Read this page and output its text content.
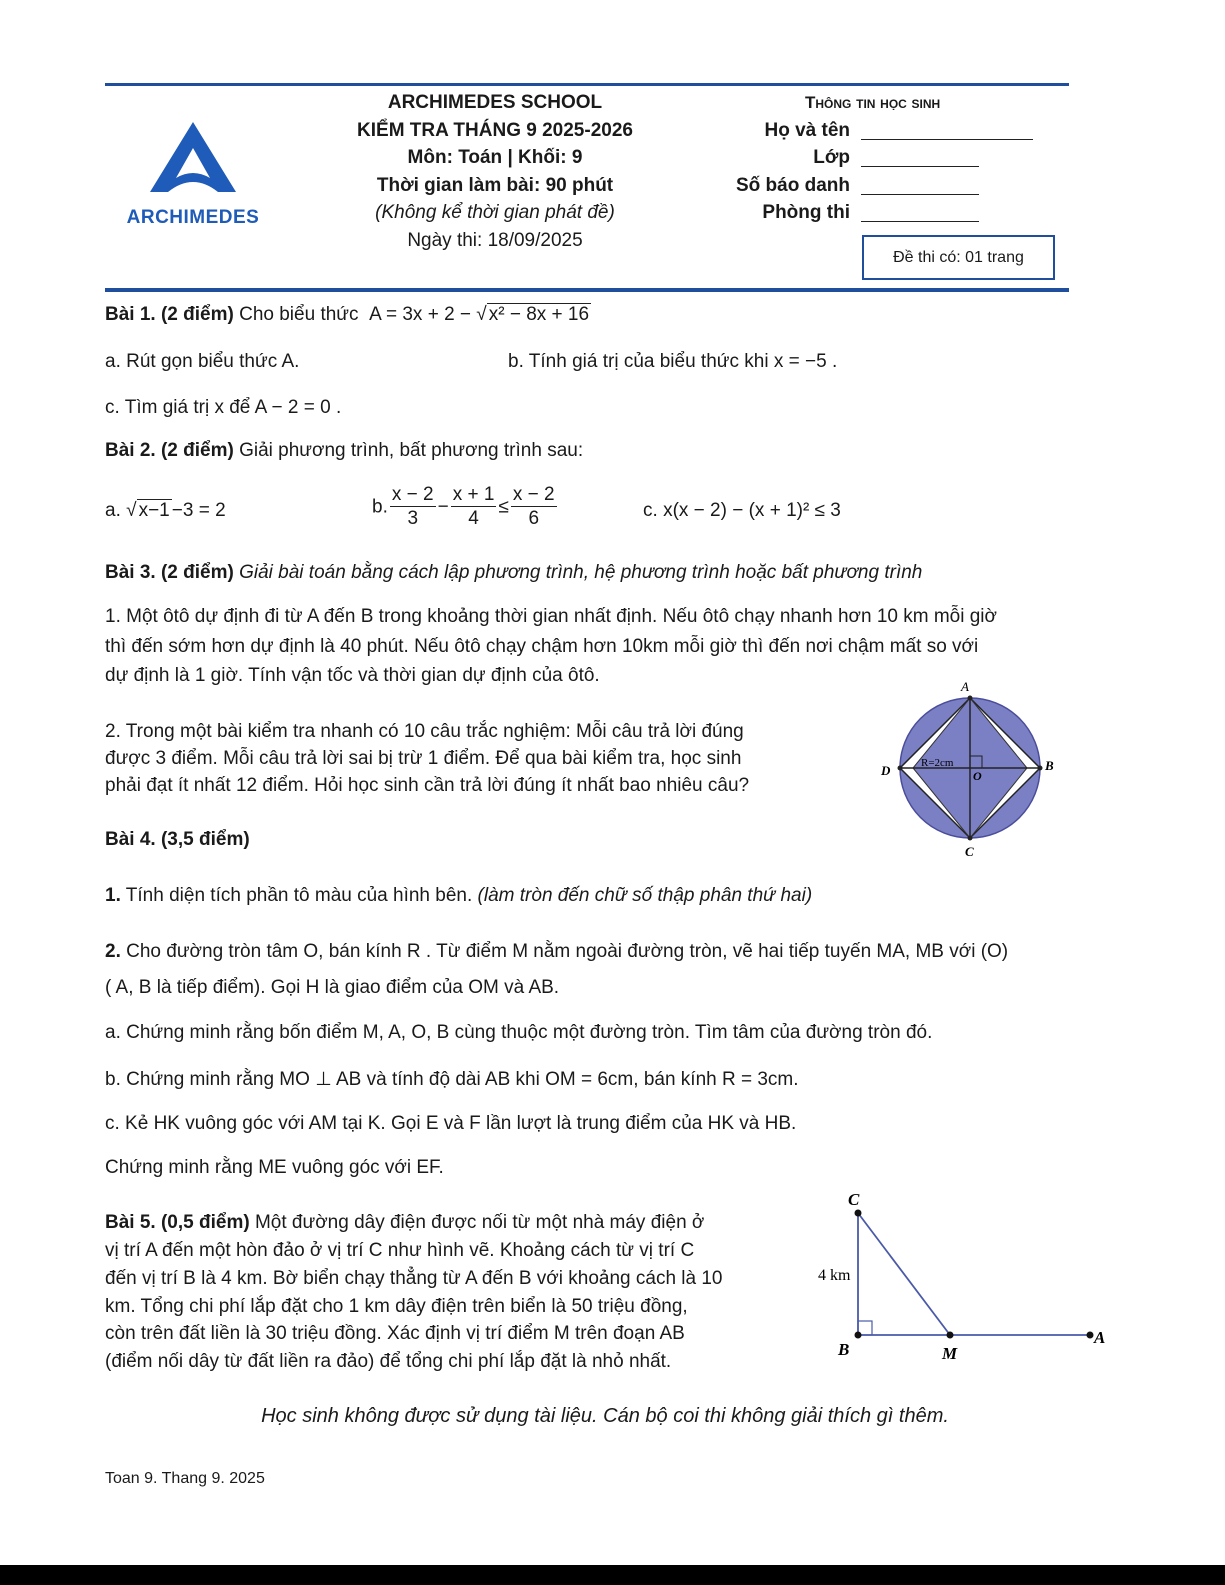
ARCHIMEDES
ARCHIMEDES SCHOOL
KIỂM TRA THÁNG 9 2025-2026
Môn: Toán | Khối: 9
Thời gian làm bài: 90 phút
(Không kể thời gian phát đề)
Ngày thi: 18/09/2025
Thông tin học sinh
Họ và tên
Lớp
Số báo danh
Phòng thi
Đề thi có: 01 trang
Bài 1. (2 điểm) Cho biểu thức A = 3x + 2 − √ x² − 8x + 16
a. Rút gọn biểu thức A.	b. Tính giá trị của biểu thức khi x = −5 .
c. Tìm giá trị x để A − 2 = 0 .
Bài 2. (2 điểm) Giải phương trình, bất phương trình sau:
a. √ x−1 −3 = 2	b. $\frac{x - 2}{3} - \frac{x + 1}{4} \le \frac{x - 2}{6}$	c. x(x − 2) − (x + 1)² ≤ 3
Bài 3. (2 điểm) Giải bài toán bằng cách lập phương trình, hệ phương trình hoặc bất phương trình
1. Một ôtô dự định đi từ A đến B trong khoảng thời gian nhất định. Nếu ôtô chạy nhanh hơn 10 km mỗi giờ
thì đến sớm hơn dự định là 40 phút. Nếu ôtô chạy chậm hơn 10km mỗi giờ thì đến nơi chậm mất so với
dự định là 1 giờ. Tính vận tốc và thời gian dự định của ôtô.
2. Trong một bài kiểm tra nhanh có 10 câu trắc nghiệm: Mỗi câu trả lời đúng
được 3 điểm. Mỗi câu trả lời sai bị trừ 1 điểm. Để qua bài kiểm tra, học sinh
phải đạt ít nhất 12 điểm. Hỏi học sinh cần trả lời đúng ít nhất bao nhiêu câu?
A
B
C
D	O
R=2cm
Bài 4. (3,5 điểm)
1. Tính diện tích phần tô màu của hình bên. (làm tròn đến chữ số thập phân thứ hai)
2. Cho đường tròn tâm O, bán kính R . Từ điểm M nằm ngoài đường tròn, vẽ hai tiếp tuyến MA, MB với (O)
( A, B là tiếp điểm). Gọi H là giao điểm của OM và AB.
a. Chứng minh rằng bốn điểm M, A, O, B cùng thuộc một đường tròn. Tìm tâm của đường tròn đó.
b. Chứng minh rằng MO ⊥ AB và tính độ dài AB khi OM = 6cm, bán kính R = 3cm.
c. Kẻ HK vuông góc với AM tại K. Gọi E và F lần lượt là trung điểm của HK và HB.
Chứng minh rằng ME vuông góc với EF.
Bài 5. (0,5 điểm) Một đường dây điện được nối từ một nhà máy điện ở
vị trí A đến một hòn đảo ở vị trí C như hình vẽ. Khoảng cách từ vị trí C
đến vị trí B là 4 km. Bờ biển chạy thẳng từ A đến B với khoảng cách là 10
km. Tổng chi phí lắp đặt cho 1 km dây điện trên biển là 50 triệu đồng,
còn trên đất liền là 30 triệu đồng. Xác định vị trí điểm M trên đoạn AB
(điểm nối dây từ đất liền ra đảo) để tổng chi phí lắp đặt là nhỏ nhất.
C
B	M
A
4 km
Học sinh không được sử dụng tài liệu. Cán bộ coi thi không giải thích gì thêm.
Toan 9. Thang 9. 2025
